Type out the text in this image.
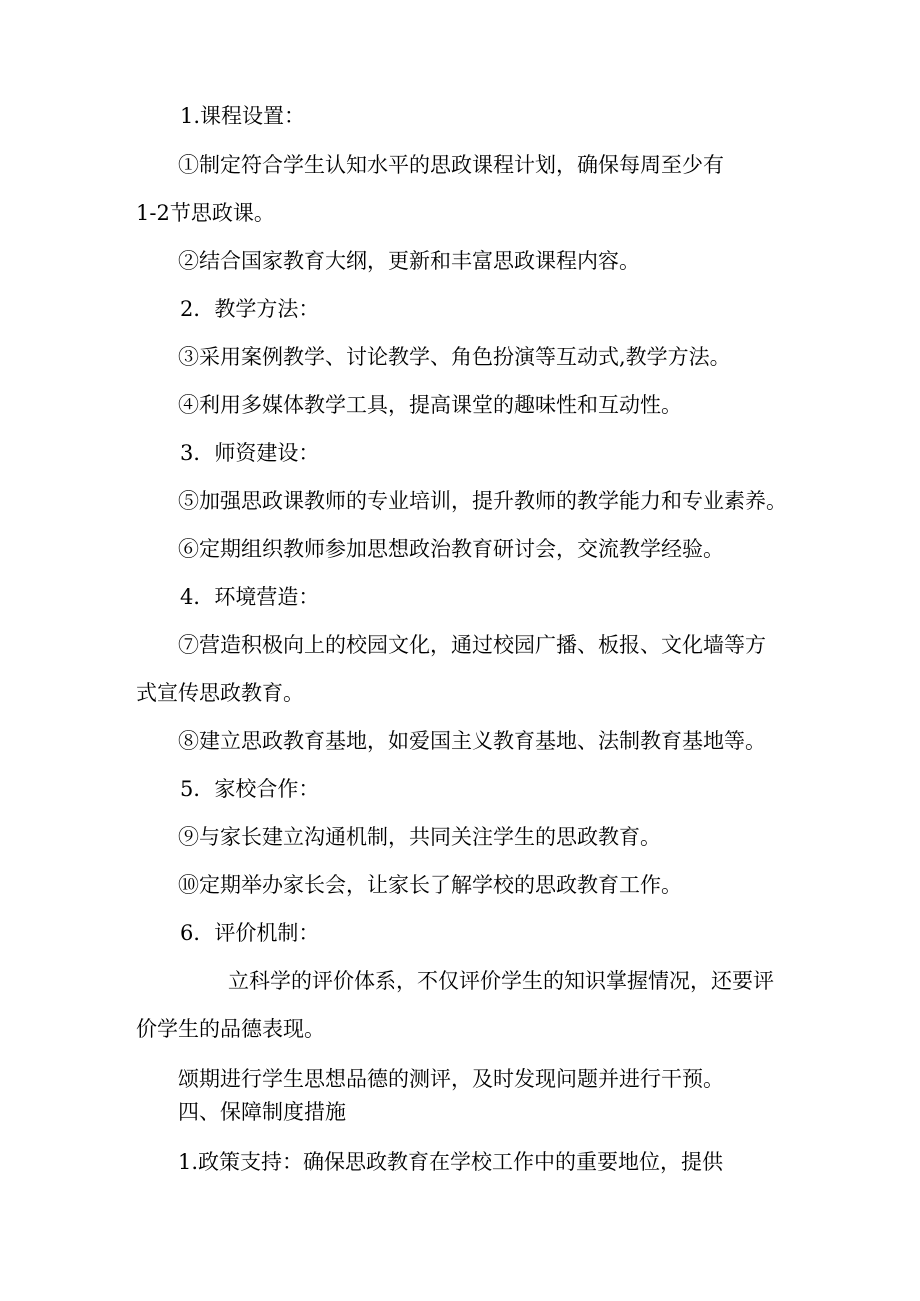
1.课程设置：
①制定符合学生认知水平的思政课程计划，确保每周至少有
1-2节思政课。
②结合国家教育大纲，更新和丰富思政课程内容。
2．教学方法：
③采用案例教学、讨论教学、角色扮演等互动式,教学方法。
④利用多媒体教学工具，提高课堂的趣味性和互动性。
3．师资建设：
⑤加强思政课教师的专业培训，提升教师的教学能力和专业素养。
⑥定期组织教师参加思想政治教育研讨会，交流教学经验。
4．环境营造：
⑦营造积极向上的校园文化，通过校园广播、板报、文化墙等方
式宣传思政教育。
⑧建立思政教育基地，如爱国主义教育基地、法制教育基地等。
5．家校合作：
⑨与家长建立沟通机制，共同关注学生的思政教育。
⑩定期举办家长会，让家长了解学校的思政教育工作。
6．评价机制：
立科学的评价体系，不仅评价学生的知识掌握情况，还要评
价学生的品德表现。
颂期进行学生思想品德的测评，及时发现问题并进行干预。
四、保障制度措施
1.政策支持：确保思政教育在学校工作中的重要地位，提供
